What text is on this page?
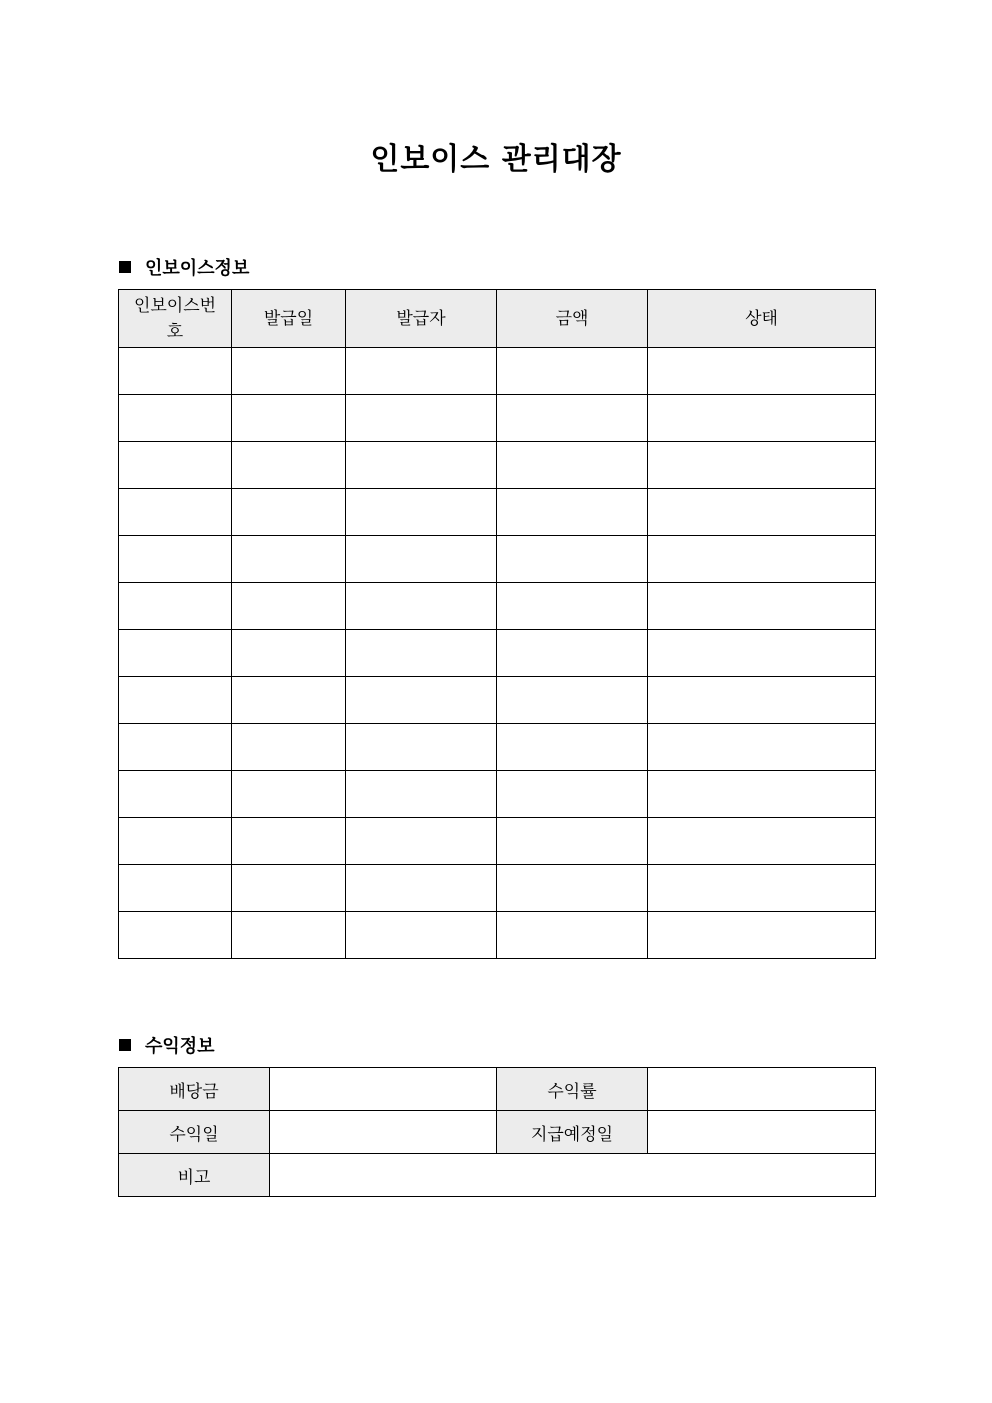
인보이스 관리대장
인보이스정보
인보이스번호	발급일	발급자	금액	상태

수익정보
배당금		수익률	
수익일		지급예정일	
비고			
